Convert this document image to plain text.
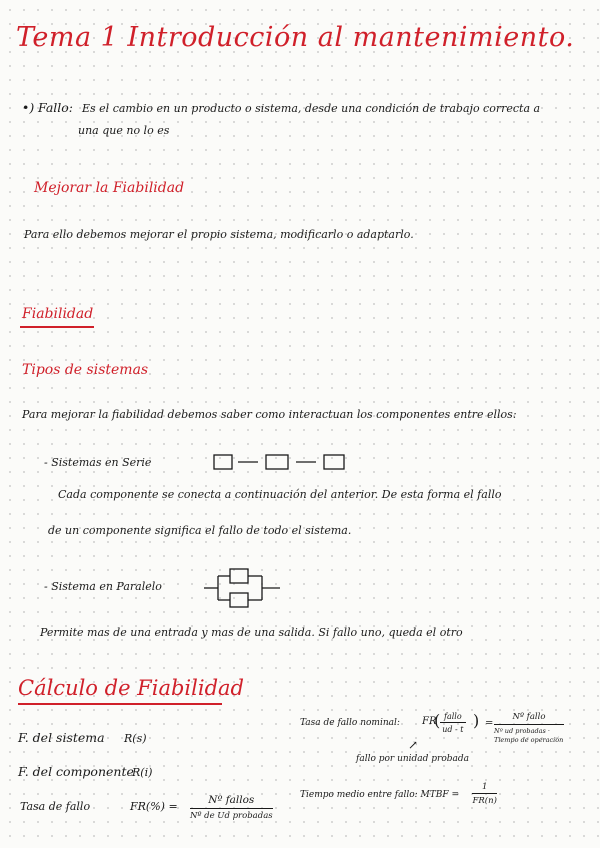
Tema 1 Introducción al mantenimiento.
•) Fallo: Es el cambio en un producto o sistema, desde una condición de trabajo correcta a
una que no lo es
Mejorar la Fiabilidad
Para ello debemos mejorar el propio sistema, modificarlo o adaptarlo.
Fiabilidad
Tipos de sistemas
Para mejorar la fiabilidad debemos saber como interactuan los componentes entre ellos:
- Sistemas en Serie
Cada componente se conecta a continuación del anterior. De esta forma el fallo
de un componente significa el fallo de todo el sistema.
- Sistema en Paralelo
Permite mas de una entrada y mas de una salida. Si fallo uno, queda el otro
Cálculo de Fiabilidad
F. del sistema R(s)
F. del componente
R(i)
Tasa de fallo	FR(%) =	Nº fallos
Nº de Ud probadas
Tasa de fallo nominal: FR
( fallo
ud - t ) =
Nº fallo
Nº ud probadas · Tiempo de operación
↗
fallo por unidad probada
Tiempo medio entre fallo: MTBF = $\frac{1}{FR(n)}$
